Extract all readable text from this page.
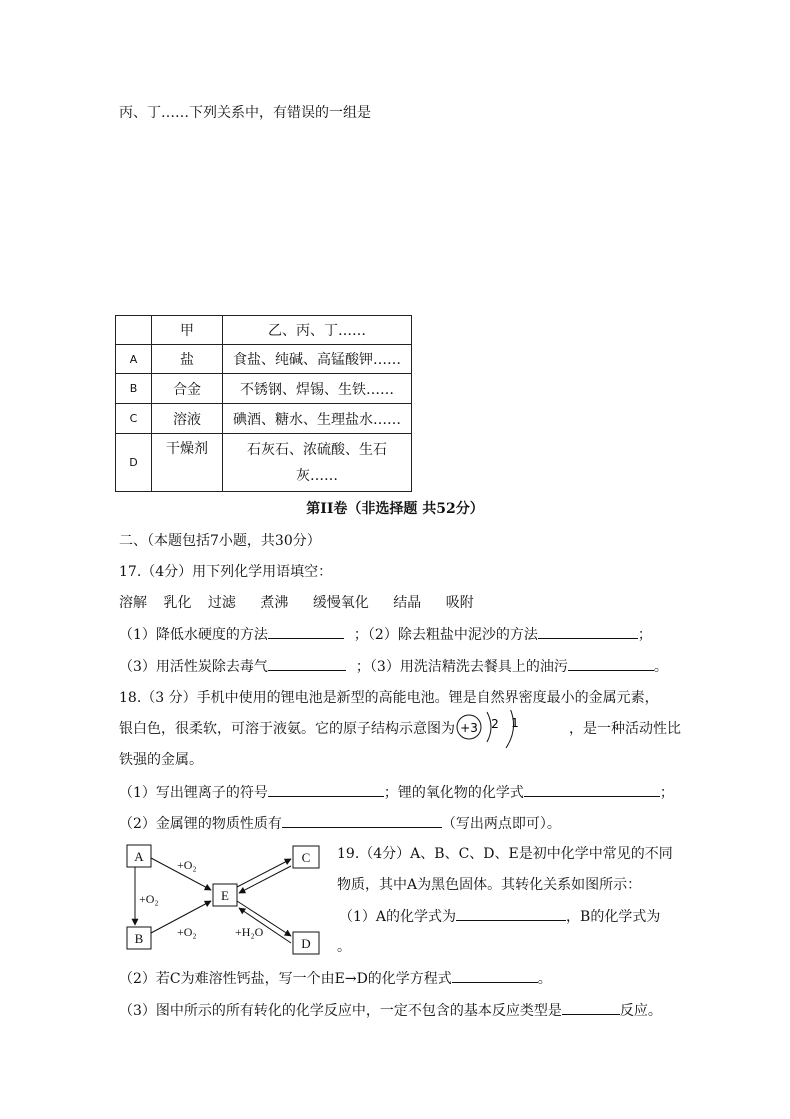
丙、丁……下列关系中，有错误的一组是
	甲	乙、丙、丁……
A	盐	食盐、纯碱、高锰酸钾……
B	合金	不锈钢、焊锡、生铁……
C	溶液	碘酒、糖水、生理盐水……
D	干燥剂	石灰石、浓硫酸、生石
灰……
第II卷（非选择题 共52分）
二、（本题包括7小题，共30分）
17.（4分）用下列化学用语填空：
溶解 乳化 过滤 煮沸 缓慢氧化 结晶 吸附
（1）降低水硬度的方法	；（2）除去粗盐中泥沙的方法	；
（3）用活性炭除去毒气	；（3）用洗洁精洗去餐具上的油污	。
18.（3 分）手机中使用的锂电池是新型的高能电池。锂是自然界密度最小的金属元素，
银白色，很柔软，可溶于液氨。它的原子结构示意图为	，是一种活动性比
+3 2 1
铁强的金属。
（1）写出锂离子的符号	；锂的氧化物的化学式	；
（2）金属锂的物质性质有	（写出两点即可）。
A
B
E
C
D
+O₂
+O₂
+O₂	+H₂O
19.（4分）A、B、C、D、E是初中化学中常见的不同
物质，其中A为黑色固体。其转化关系如图所示：
（1）A的化学式为	，B的化学式为
。
（2）若C为难溶性钙盐，写一个由E→D的化学方程式	。
（3）图中所示的所有转化的化学反应中，一定不包含的基本反应类型是	反应。
